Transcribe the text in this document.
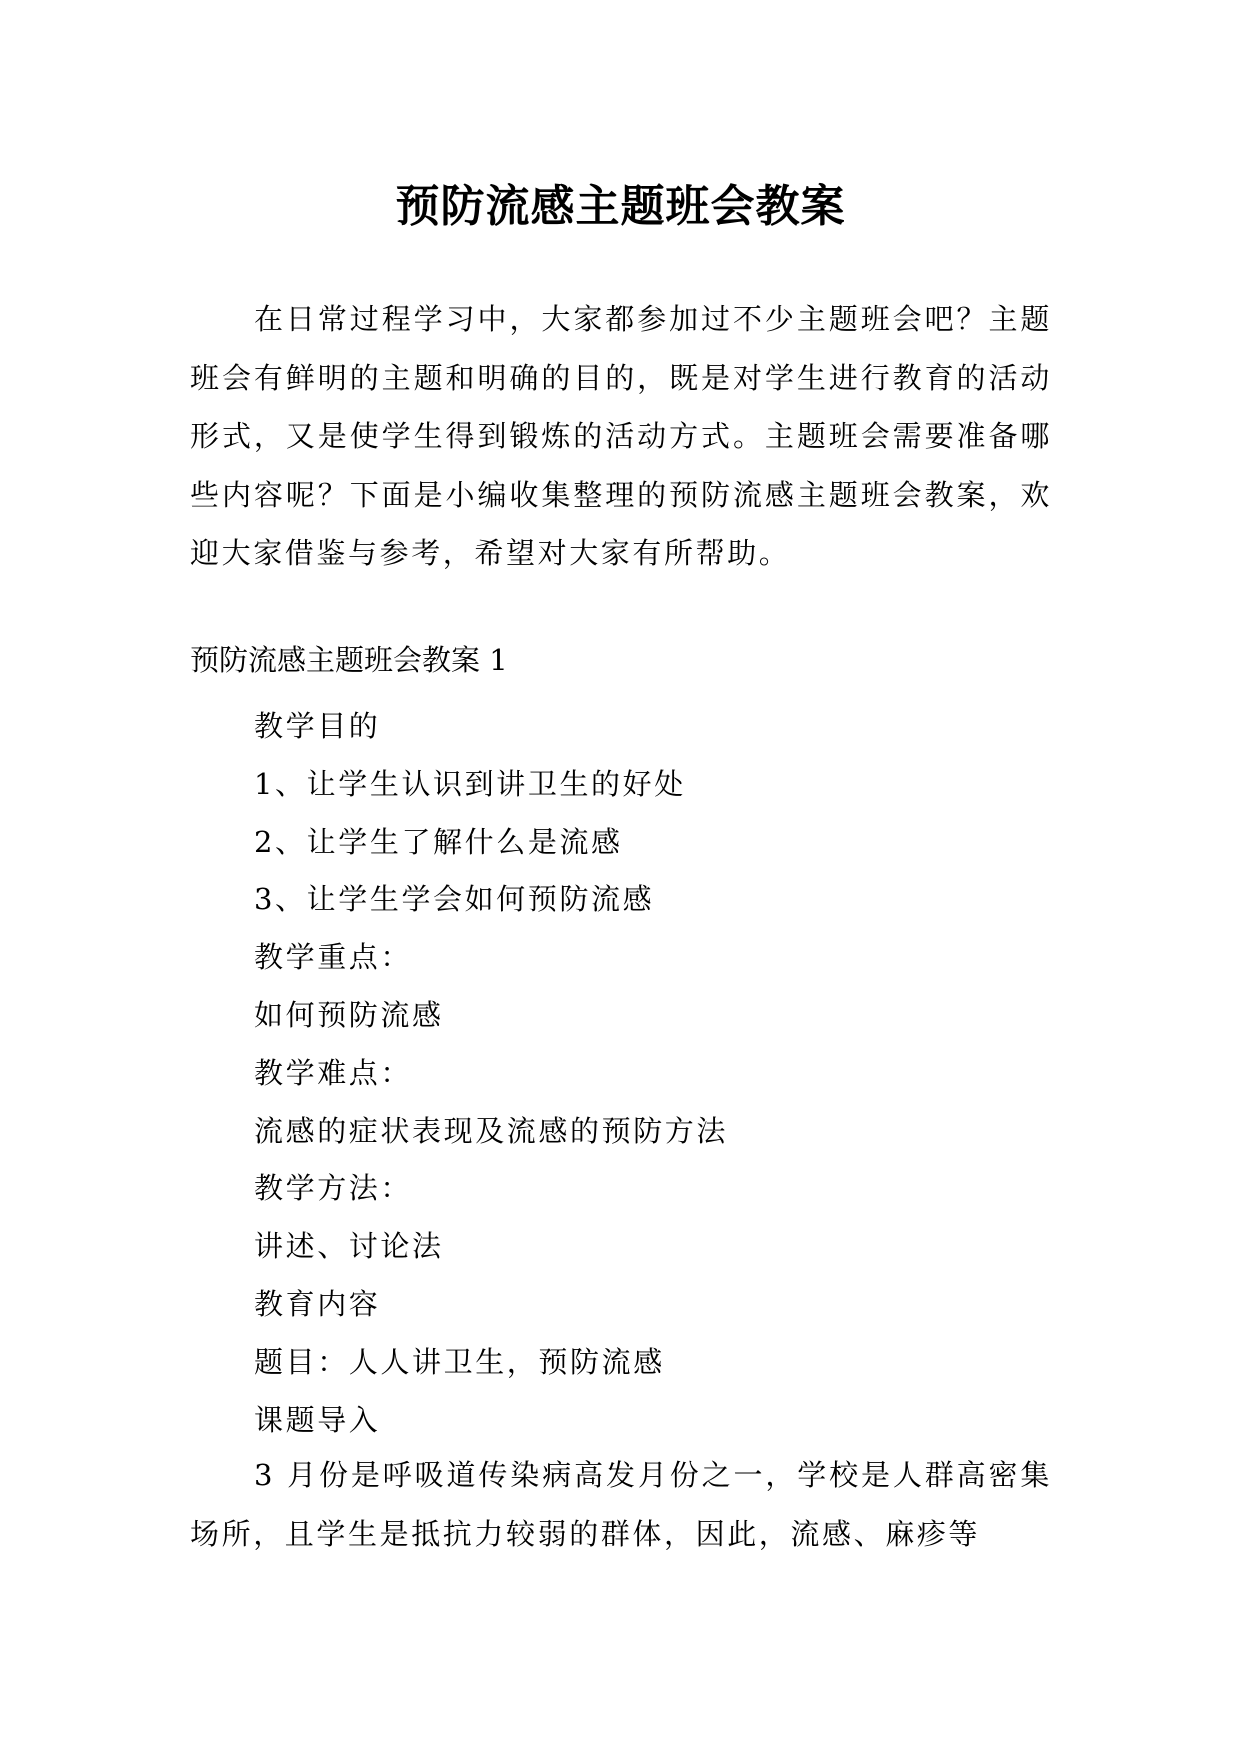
预防流感主题班会教案

在日常过程学习中，大家都参加过不少主题班会吧？主题班会有鲜明的主题和明确的目的，既是对学生进行教育的活动形式，又是使学生得到锻炼的活动方式。主题班会需要准备哪些内容呢？下面是小编收集整理的预防流感主题班会教案，欢迎大家借鉴与参考，希望对大家有所帮助。

预防流感主题班会教案 1

教学目的
1、让学生认识到讲卫生的好处
2、让学生了解什么是流感
3、让学生学会如何预防流感
教学重点：
如何预防流感
教学难点：
流感的症状表现及流感的预防方法
教学方法：
讲述、讨论法
教育内容
题目：人人讲卫生，预防流感
课题导入

3 月份是呼吸道传染病高发月份之一，学校是人群高密集场所，且学生是抵抗力较弱的群体，因此，流感、麻疹等
